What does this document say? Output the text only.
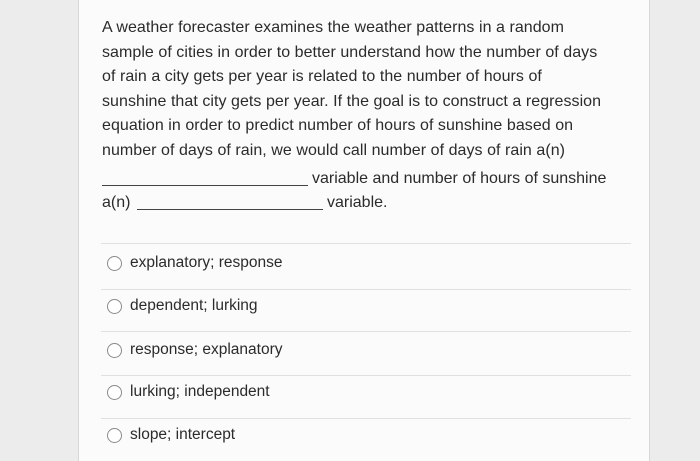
A weather forecaster examines the weather patterns in a random
sample of cities in order to better understand how the number of days
of rain a city gets per year is related to the number of hours of
sunshine that city gets per year. If the goal is to construct a regression
equation in order to predict number of hours of sunshine based on
number of days of rain, we would call number of days of rain a(n)
variable and number of hours of sunshine
a(n)	variable.
explanatory; response
dependent; lurking
response; explanatory
lurking; independent
slope; intercept
